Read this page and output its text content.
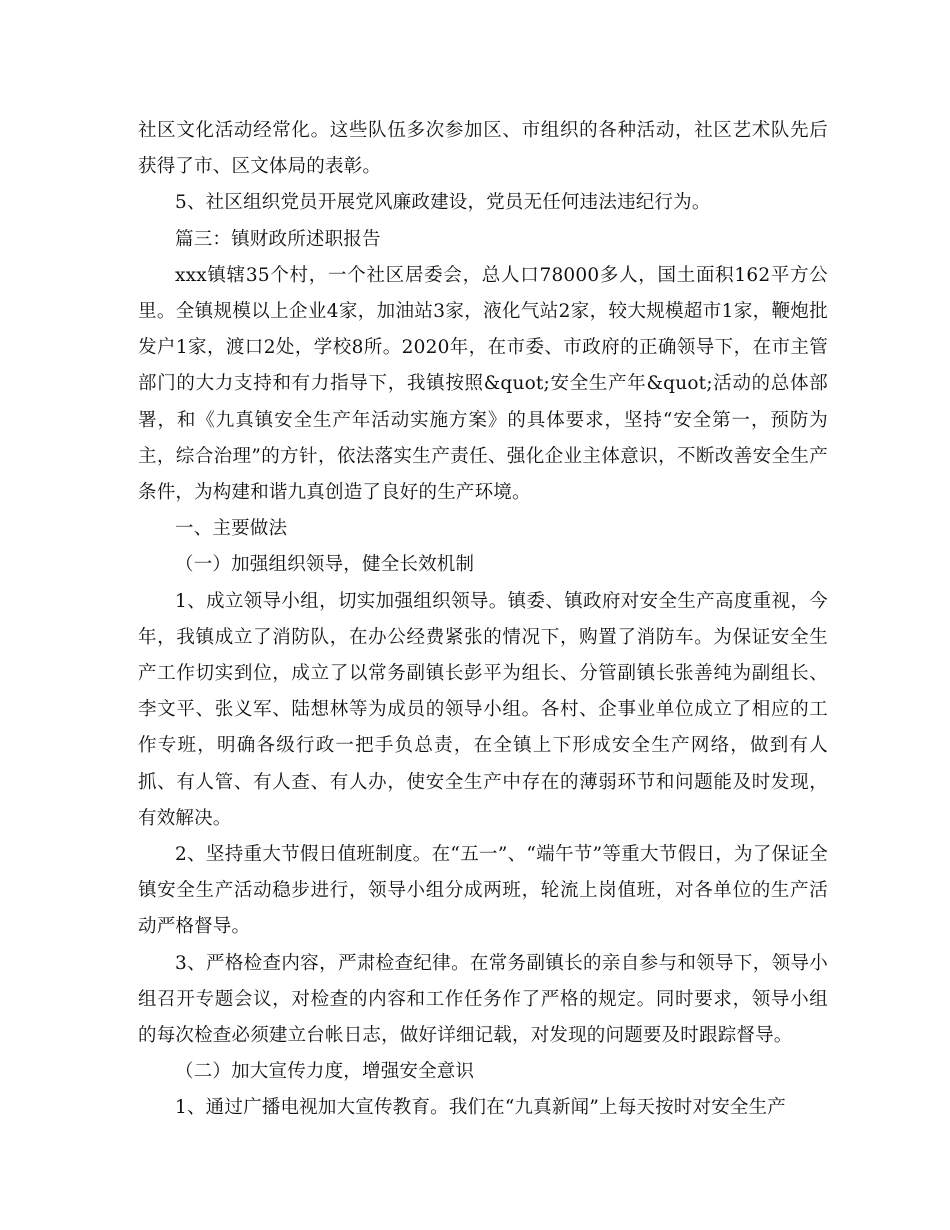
社区文化活动经常化。这些队伍多次参加区、市组织的各种活动，社区艺术队先后获得了市、区文体局的表彰。

5、社区组织党员开展党风廉政建设，党员无任何违法违纪行为。

篇三：镇财政所述职报告

xxx镇辖35个村，一个社区居委会，总人口78000多人，国土面积162平方公里。全镇规模以上企业4家，加油站3家，液化气站2家，较大规模超市1家，鞭炮批发户1家，渡口2处，学校8所。2020年，在市委、市政府的正确领导下，在市主管部门的大力支持和有力指导下，我镇按照&quot;安全生产年&quot;活动的总体部署，和《九真镇安全生产年活动实施方案》的具体要求，坚持“安全第一，预防为主，综合治理”的方针，依法落实生产责任、强化企业主体意识，不断改善安全生产条件，为构建和谐九真创造了良好的生产环境。

一、主要做法

（一）加强组织领导，健全长效机制

1、成立领导小组，切实加强组织领导。镇委、镇政府对安全生产高度重视，今年，我镇成立了消防队，在办公经费紧张的情况下，购置了消防车。为保证安全生产工作切实到位，成立了以常务副镇长彭平为组长、分管副镇长张善纯为副组长、李文平、张义军、陆想林等为成员的领导小组。各村、企事业单位成立了相应的工作专班，明确各级行政一把手负总责，在全镇上下形成安全生产网络，做到有人抓、有人管、有人查、有人办，使安全生产中存在的薄弱环节和问题能及时发现，有效解决。

2、坚持重大节假日值班制度。在“五一”、“端午节”等重大节假日，为了保证全镇安全生产活动稳步进行，领导小组分成两班，轮流上岗值班，对各单位的生产活动严格督导。

3、严格检查内容，严肃检查纪律。在常务副镇长的亲自参与和领导下，领导小组召开专题会议，对检查的内容和工作任务作了严格的规定。同时要求，领导小组的每次检查必须建立台帐日志，做好详细记载，对发现的问题要及时跟踪督导。

（二）加大宣传力度，增强安全意识

1、通过广播电视加大宣传教育。我们在“九真新闻”上每天按时对安全生产
